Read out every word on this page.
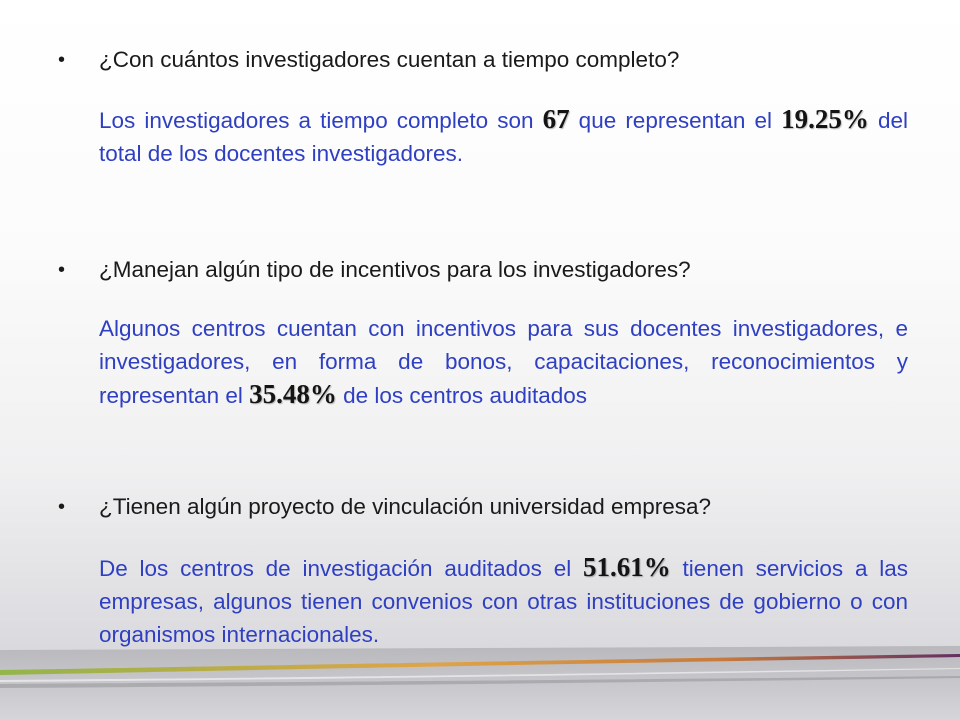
• ¿Con cuántos investigadores cuentan a tiempo completo?
Los investigadores a tiempo completo son 67 que representan el 19.25% del total de los docentes investigadores.
• ¿Manejan algún tipo de incentivos para los investigadores?
Algunos centros cuentan con incentivos para sus docentes investigadores, e investigadores, en forma de bonos, capacitaciones, reconocimientos y representan el 35.48% de los centros auditados
• ¿Tienen algún proyecto de vinculación universidad empresa?
De los centros de investigación auditados el 51.61% tienen servicios a las empresas, algunos tienen convenios con otras instituciones de gobierno o con organismos internacionales.
